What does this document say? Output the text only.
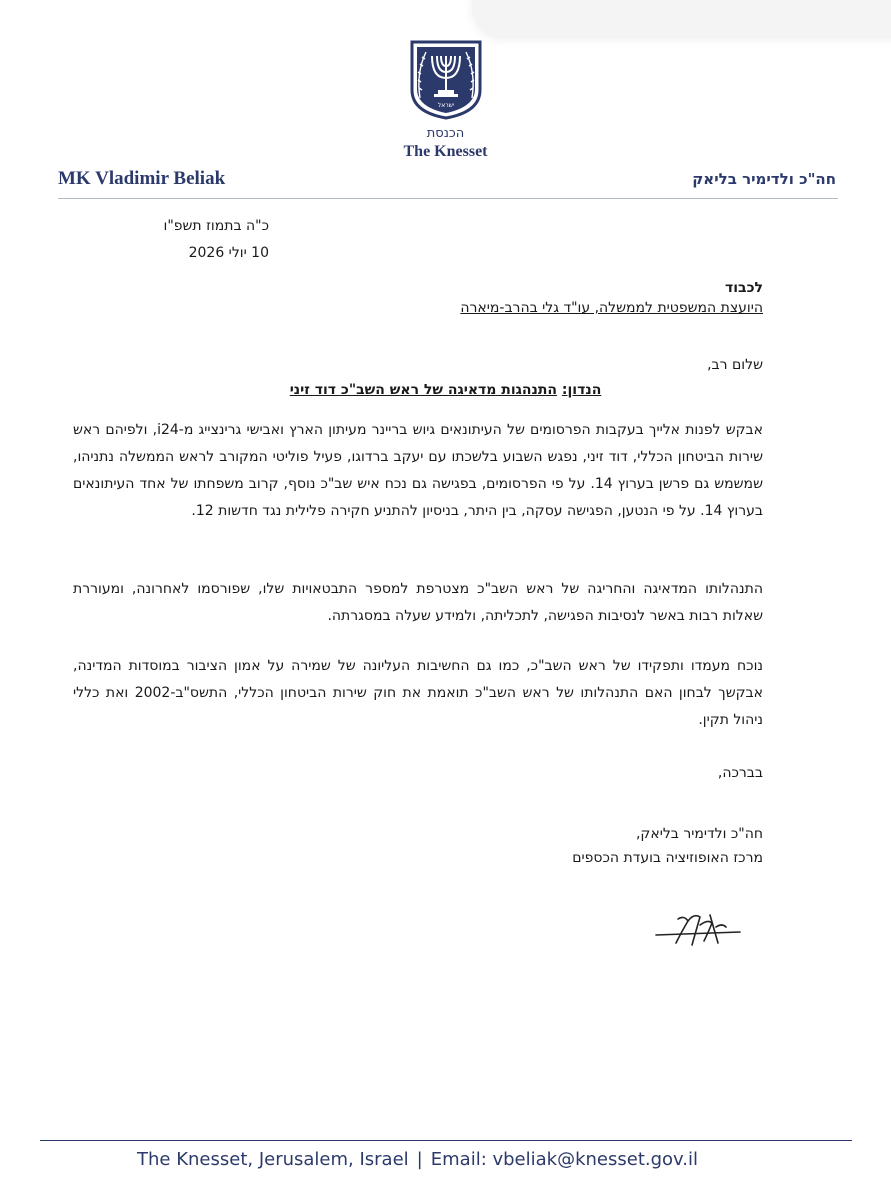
ישראל
הכנסת
The Knesset
MK Vladimir Beliak	חה"כ ולדימיר בליאק
כ"ה בתמוז תשפ"ו
10 יולי 2026
לכבוד
היועצת המשפטית לממשלה, עו"ד גלי בהרב-מיארה
שלום רב,
הנדון: התנהגות מדאיגה של ראש השב"כ דוד זיני
אבקש לפנות אלייך בעקבות הפרסומים של העיתונאים גיוש בריינר מעיתון הארץ ואבישי גרינצייג מ-i24, ולפיהם ראש שירות הביטחון הכללי, דוד זיני, נפגש השבוע בלשכתו עם יעקב ברדוגו, פעיל פוליטי המקורב לראש הממשלה נתניהו, שמשמש גם פרשן בערוץ 14. על פי הפרסומים, בפגישה גם נכח איש שב"כ נוסף, קרוב משפחתו של אחד העיתונאים בערוץ 14. על פי הנטען, הפגישה עסקה, בין היתר, בניסיון להתניע חקירה פלילית נגד חדשות 12.
התנהלותו המדאיגה והחריגה של ראש השב"כ מצטרפת למספר התבטאויות שלו, שפורסמו לאחרונה, ומעוררת שאלות רבות באשר לנסיבות הפגישה, לתכליתה, ולמידע שעלה במסגרתה.
נוכח מעמדו ותפקידו של ראש השב"כ, כמו גם החשיבות העליונה של שמירה על אמון הציבור במוסדות המדינה, אבקשך לבחון האם התנהלותו של ראש השב"כ תואמת את חוק שירות הביטחון הכללי, התשס"ב-2002 ואת כללי ניהול תקין.
בברכה,
חה"כ ולדימיר בליאק,
מרכז האופוזיציה בועדת הכספים
The Knesset, Jerusalem, Israel | Email: vbeliak@knesset.gov.il
